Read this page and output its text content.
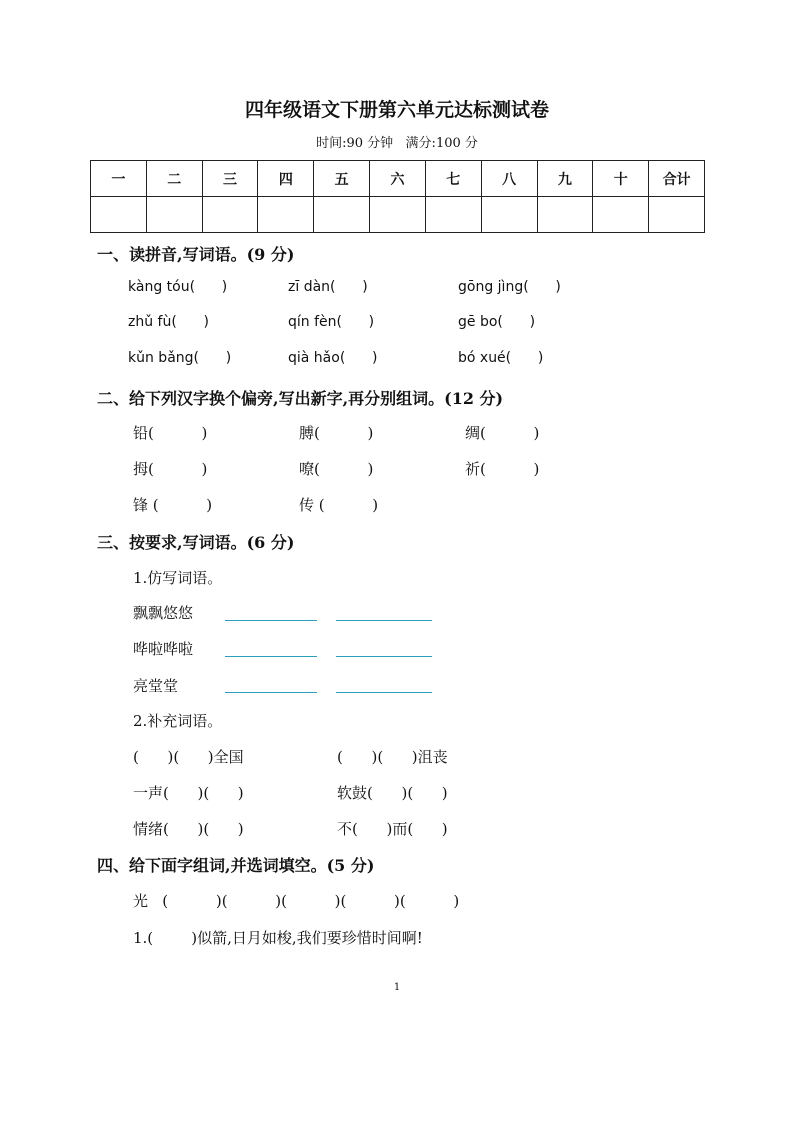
四年级语文下册第六单元达标测试卷
时间:90 分钟   满分:100 分
一	二	三	四	五	六	七	八	九	十	合计

一、读拼音,写词语。(9 分)
kàng tóu(      )	zī dàn(      )	gōng jìng(      )
zhǔ fù(      )	qín fèn(      )	gē bo(      )
kǔn bǎng(      )	qià hǎo(      )	bó xué(      )
二、给下列汉字换个偏旁,写出新字,再分别组词。(12 分)
铅(          )	膊(          )	绸(          )
拇(          )	嘹(          )	祈(          )
锋 (          )	传 (          )
三、按要求,写词语。(6 分)
1.仿写词语。
飘飘悠悠
哗啦哗啦
亮堂堂
2.补充词语。
(      )(      )全国	(      )(      )沮丧
一声(      )(      )	软鼓(      )(      )
情绪(      )(      )	不(      )而(      )
四、给下面字组词,并选词填空。(5 分)
光   (          )(          )(          )(          )(          )
1.(        )似箭,日月如梭,我们要珍惜时间啊!
1
